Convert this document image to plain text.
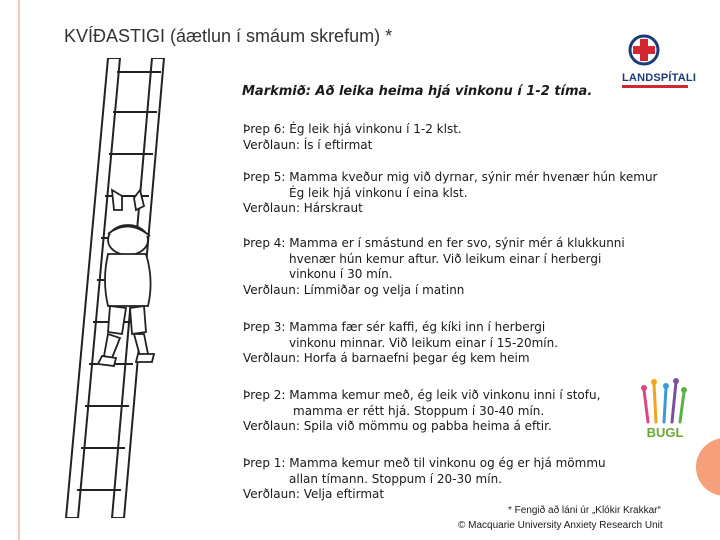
KVÍÐASTIGI (áætlun í smáum skrefum) *
LANDSPÍTALI
Markmið: Að leika heima hjá vinkonu í 1-2 tíma.
Þrep 6: Ég leik hjá vinkonu í 1-2 klst.
Verðlaun: Ís í eftirmat
Þrep 5: Mamma kveður mig við dyrnar, sýnir mér hvenær hún kemur
Ég leik hjá vinkonu í eina klst.
Verðlaun: Hárskraut
Þrep 4: Mamma er í smástund en fer svo, sýnir mér á klukkunni
hvenær hún kemur aftur. Við leikum einar í herbergi
vinkonu í 30 mín.
Verðlaun: Límmiðar og velja í matinn
Þrep 3: Mamma fær sér kaffi, ég kíki inn í herbergi
vinkonu minnar. Við leikum einar í 15-20mín.
Verðlaun: Horfa á barnaefni þegar ég kem heim
Þrep 2: Mamma kemur með, ég leik við vinkonu inni í stofu,
mamma er rétt hjá. Stoppum í 30-40 mín.
Verðlaun: Spila við mömmu og pabba heima á eftir.
Þrep 1: Mamma kemur með til vinkonu og ég er hjá mömmu
allan tímann. Stoppum í 20-30 mín.
Verðlaun: Velja eftirmat
BUGL
* Fengið að láni úr „Klókir Krakkar“
© Macquarie University Anxiety Research Unit
